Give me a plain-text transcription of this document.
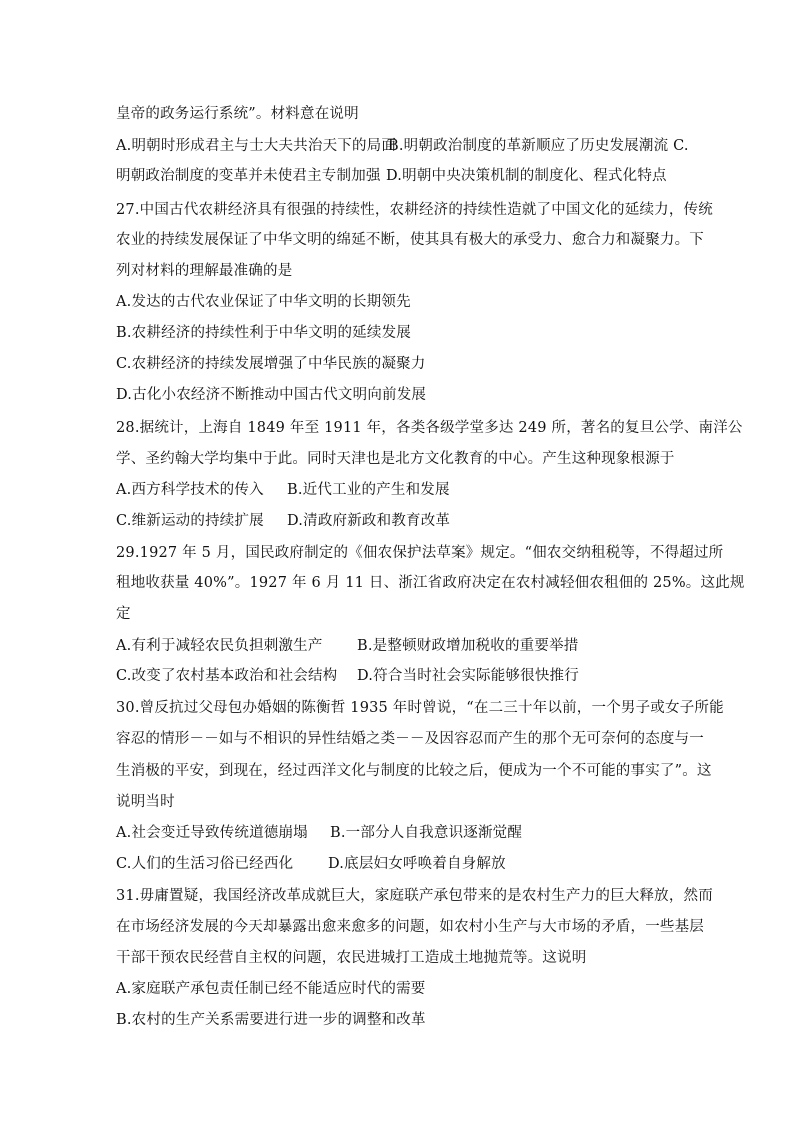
皇帝的政务运行系统”。材料意在说明
A.明朝时形成君主与士大夫共治天下的局面
B.明朝政治制度的革新顺应了历史发展潮流 C.
明朝政治制度的变革并未使君主专制加强 D.明朝中央决策机制的制度化、程式化特点
27.中国古代农耕经济具有很强的持续性，农耕经济的持续性造就了中国文化的延续力，传统
农业的持续发展保证了中华文明的绵延不断，使其具有极大的承受力、愈合力和凝聚力。下
列对材料的理解最准确的是
A.发达的古代农业保证了中华文明的长期领先
B.农耕经济的持续性利于中华文明的延续发展
C.农耕经济的持续发展增强了中华民族的凝聚力
D.古化小农经济不断推动中国古代文明向前发展
28.据统计，上海自 1849 年至 1911 年，各类各级学堂多达 249 所，著名的复旦公学、南洋公
学、圣约翰大学均集中于此。同时天津也是北方文化教育的中心。产生这种现象根源于
A.西方科学技术的传入 B.近代工业的产生和发展
C.维新运动的持续扩展 D.清政府新政和教育改革
29.1927 年 5 月，国民政府制定的《佃农保护法草案》规定。“佃农交纳租税等，不得超过所
租地收获量 40%”。1927 年 6 月 11 日、浙江省政府决定在农村减轻佃农租佃的 25%。这此规
定
A.有利于减轻农民负担刺激生产 B.是整顿财政增加税收的重要举措
C.改变了农村基本政治和社会结构 D.符合当时社会实际能够很快推行
30.曾反抗过父母包办婚姻的陈衡哲 1935 年时曾说，“在二三十年以前，一个男子或女子所能
容忍的情形－－如与不相识的异性结婚之类－－及因容忍而产生的那个无可奈何的态度与一
生消极的平安，到现在，经过西洋文化与制度的比较之后，便成为一个不可能的事实了”。这
说明当时
A.社会变迁导致传统道德崩塌 B.一部分人自我意识逐渐觉醒
C.人们的生活习俗已经西化 D.底层妇女呼唤着自身解放
31.毋庸置疑，我国经济改革成就巨大，家庭联产承包带来的是农村生产力的巨大释放，然而
在市场经济发展的今天却暴露出愈来愈多的问题，如农村小生产与大市场的矛盾，一些基层
干部干预农民经营自主权的问题，农民进城打工造成土地抛荒等。这说明
A.家庭联产承包责任制已经不能适应时代的需要
B.农村的生产关系需要进行进一步的调整和改革
